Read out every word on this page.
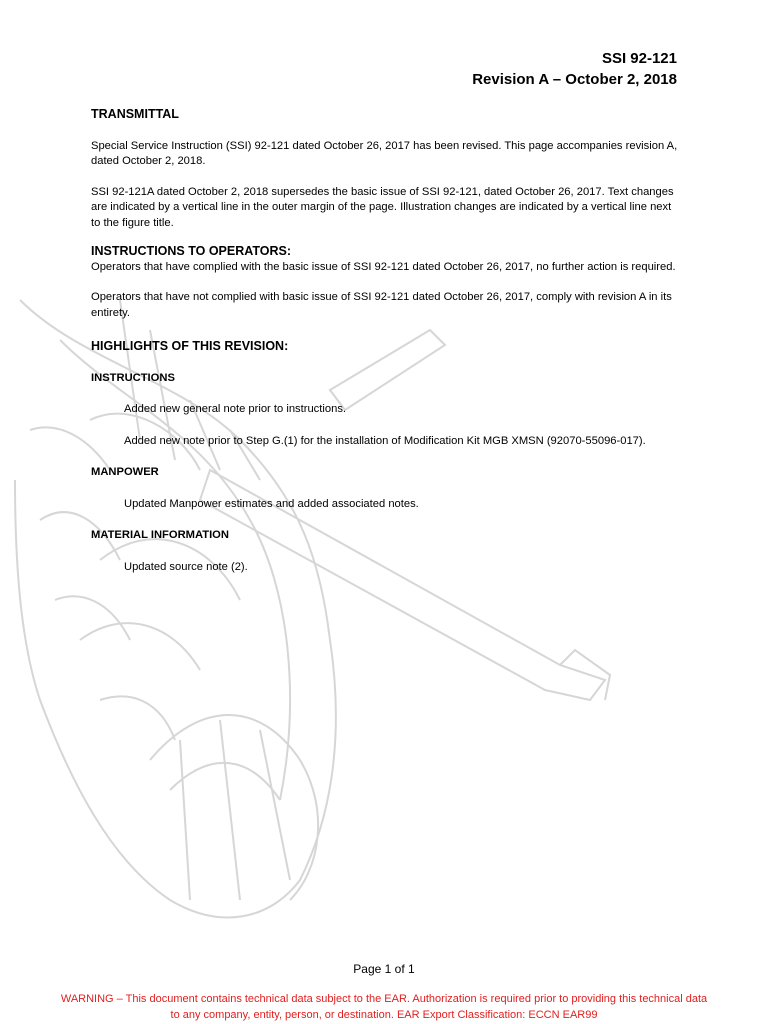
SSI 92-121
Revision A – October 2, 2018

TRANSMITTAL

Special Service Instruction (SSI) 92-121 dated October 26, 2017 has been revised. This page accompanies revision A, dated October 2, 2018.

SSI 92-121A dated October 2, 2018 supersedes the basic issue of SSI 92-121, dated October 26, 2017. Text changes are indicated by a vertical line in the outer margin of the page. Illustration changes are indicated by a vertical line next to the figure title.

INSTRUCTIONS TO OPERATORS:

Operators that have complied with the basic issue of SSI 92-121 dated October 26, 2017, no further action is required.

Operators that have not complied with basic issue of SSI 92-121 dated October 26, 2017, comply with revision A in its entirety.

HIGHLIGHTS OF THIS REVISION:

INSTRUCTIONS

Added new general note prior to instructions.

Added new note prior to Step G.(1) for the installation of Modification Kit MGB XMSN (92070-55096-017).

MANPOWER

Updated Manpower estimates and added associated notes.

MATERIAL INFORMATION

Updated source note (2).

Page 1 of 1
WARNING – This document contains technical data subject to the EAR. Authorization is required prior to providing this technical data to any company, entity, person, or destination. EAR Export Classification: ECCN EAR99
